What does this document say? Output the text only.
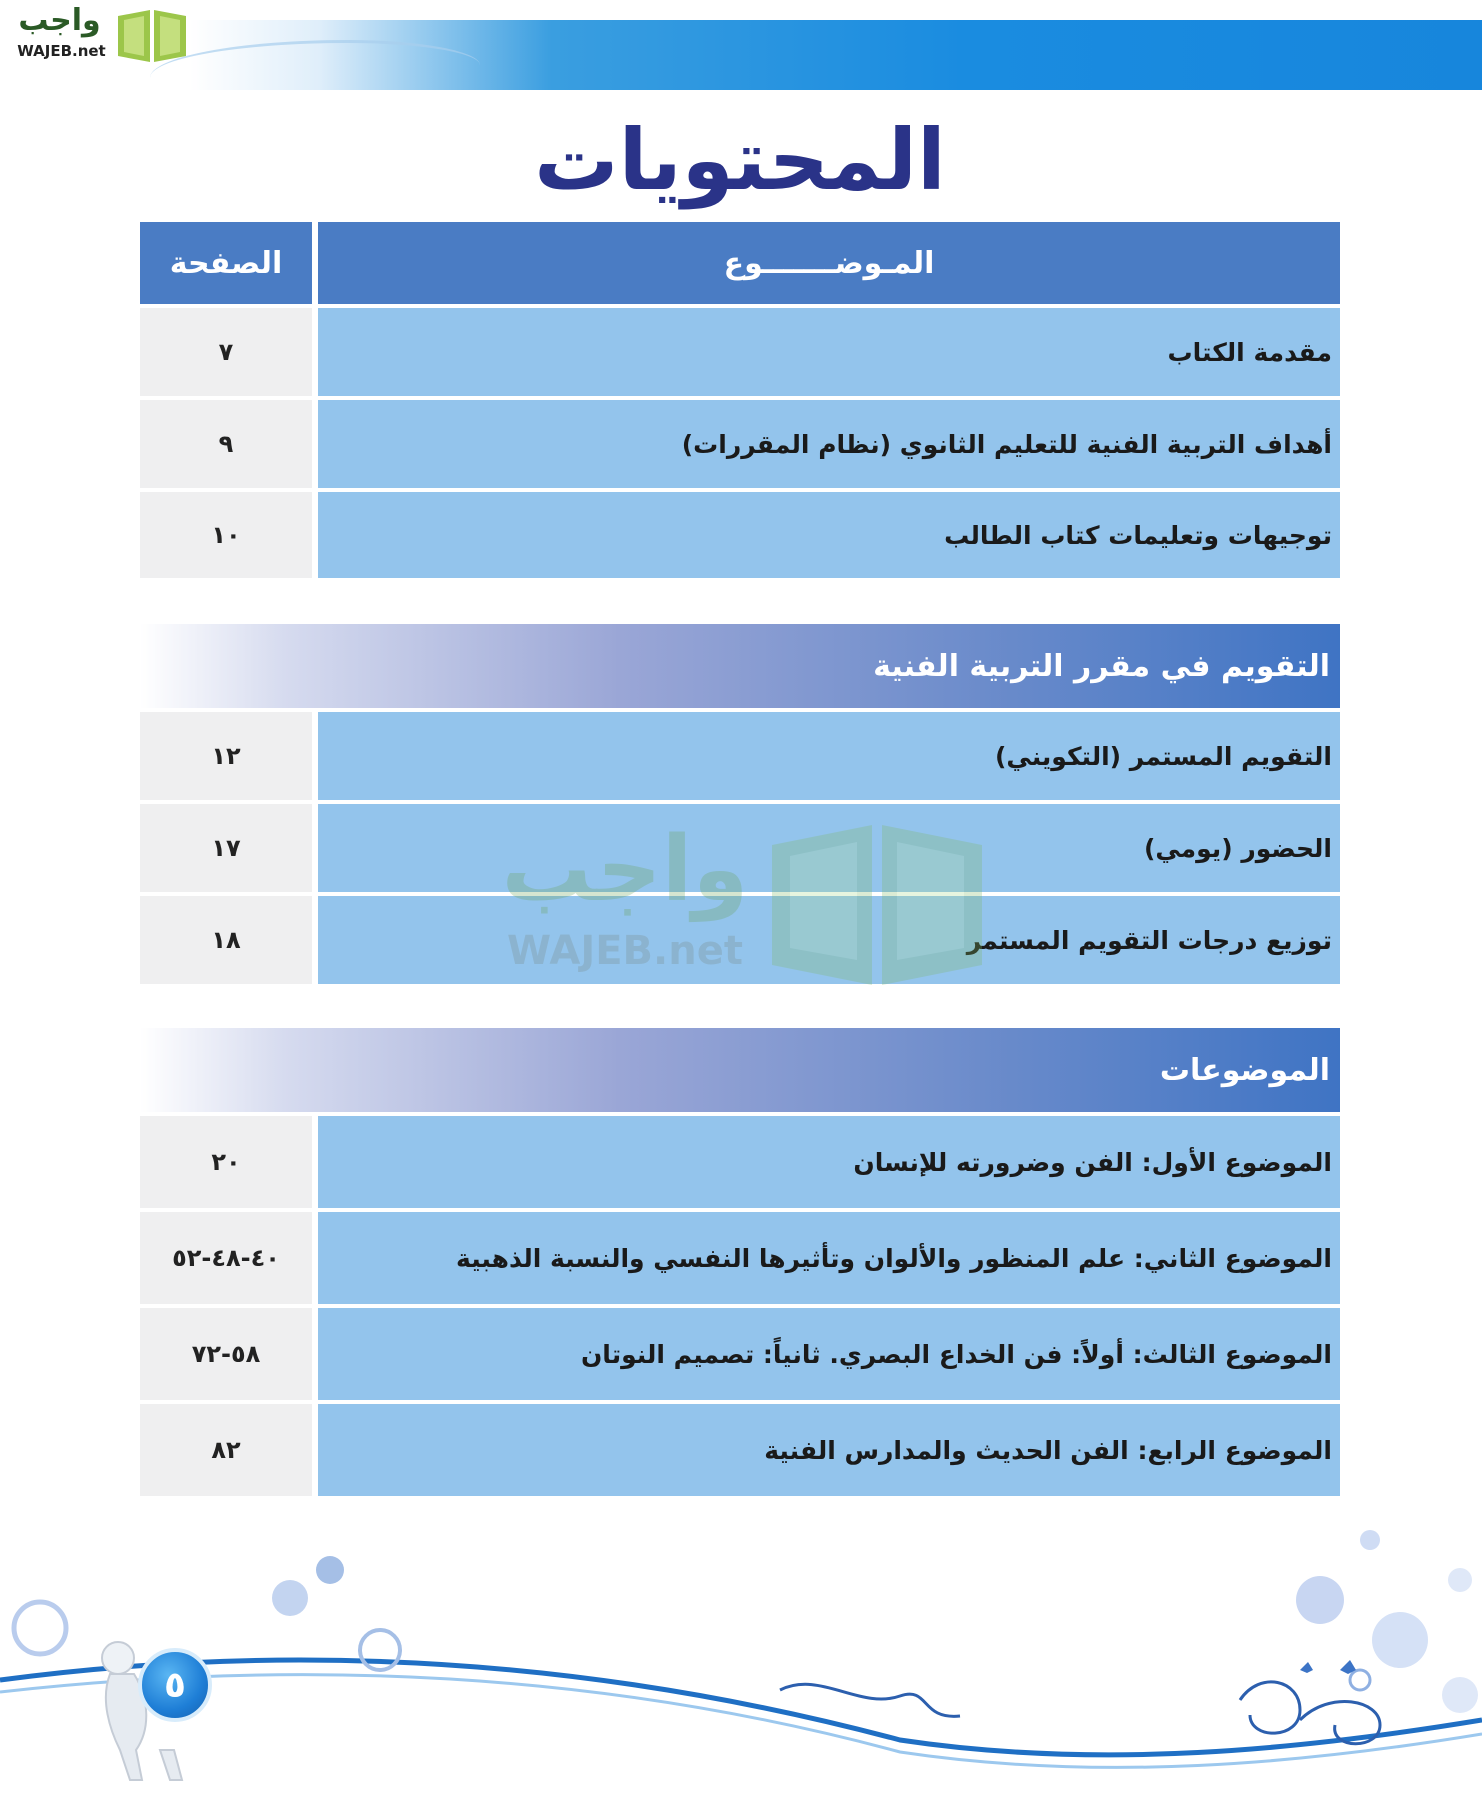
واجب
WAJEB.net
المحتويات
الصفحة	المـوضـــــــوع
٧	مقدمة الكتاب
٩	أهداف التربية الفنية للتعليم الثانوي (نظام المقررات)
١٠	توجيهات وتعليمات كتاب الطالب
التقويم في مقرر التربية الفنية
١٢	التقويم المستمر (التكويني)
١٧	الحضور (يومي)
١٨	توزيع درجات التقويم المستمر
الموضوعات
٢٠	الموضوع الأول: الفن وضرورته للإنسان
٤٠-٤٨-٥٢	الموضوع الثاني: علم المنظور والألوان وتأثيرها النفسي والنسبة الذهبية
٥٨-٧٢	الموضوع الثالث: أولاً: فن الخداع البصري. ثانياً: تصميم النوتان
٨٢	الموضوع الرابع: الفن الحديث والمدارس الفنية
واجب
WAJEB.net
٥
